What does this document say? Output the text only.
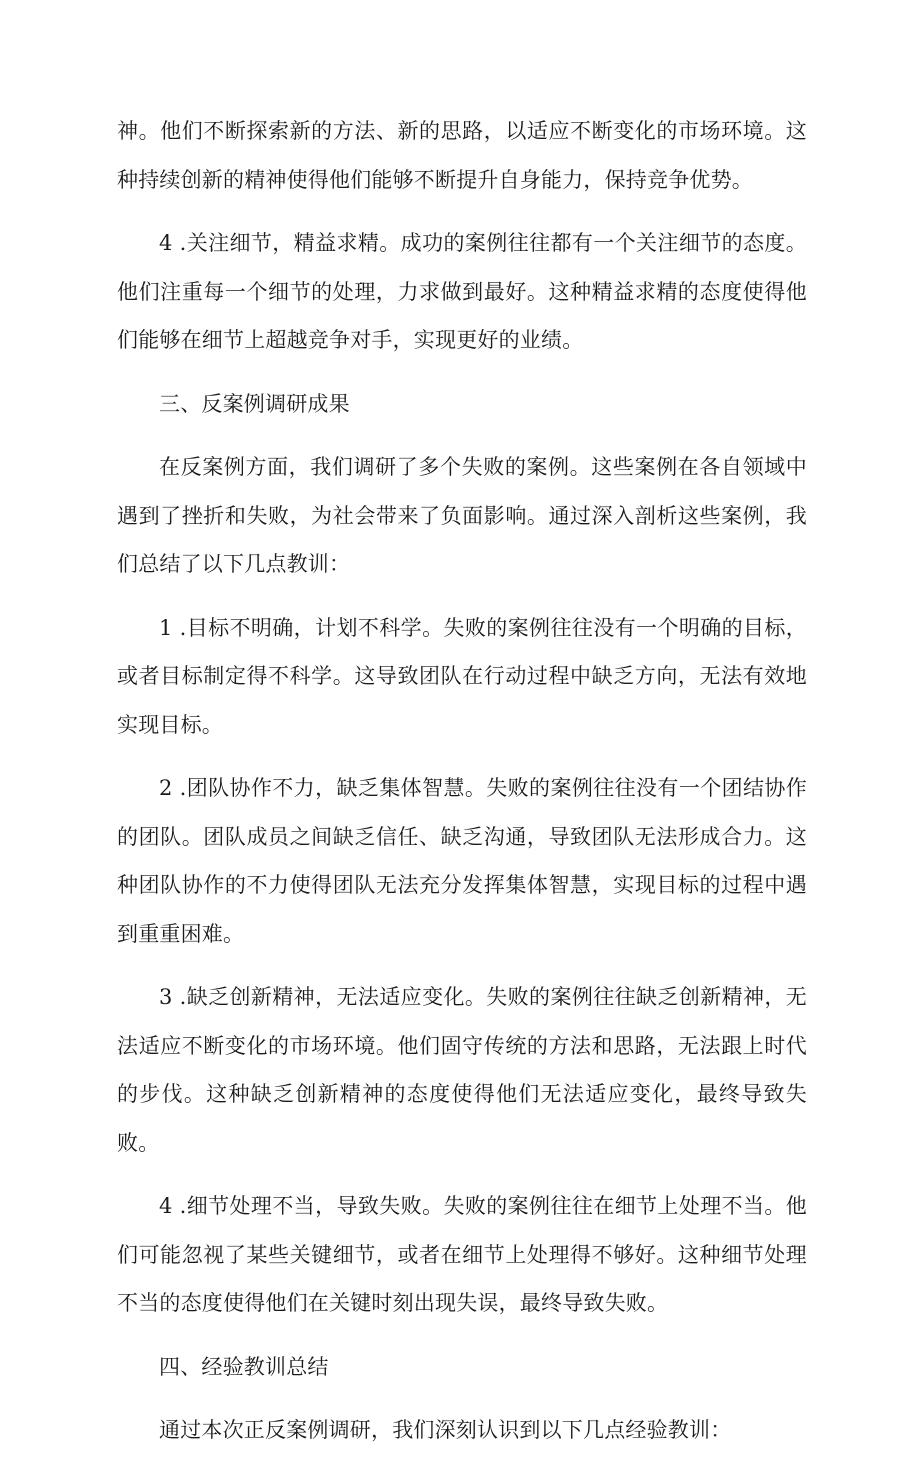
神。他们不断探索新的方法、新的思路，以适应不断变化的市场环境。这种持续创新的精神使得他们能够不断提升自身能力，保持竞争优势。

4 .关注细节，精益求精。成功的案例往往都有一个关注细节的态度。他们注重每一个细节的处理，力求做到最好。这种精益求精的态度使得他们能够在细节上超越竞争对手，实现更好的业绩。

三、反案例调研成果

在反案例方面，我们调研了多个失败的案例。这些案例在各自领域中遇到了挫折和失败，为社会带来了负面影响。通过深入剖析这些案例，我们总结了以下几点教训：

1 .目标不明确，计划不科学。失败的案例往往没有一个明确的目标，或者目标制定得不科学。这导致团队在行动过程中缺乏方向，无法有效地实现目标。

2 .团队协作不力，缺乏集体智慧。失败的案例往往没有一个团结协作的团队。团队成员之间缺乏信任、缺乏沟通，导致团队无法形成合力。这种团队协作的不力使得团队无法充分发挥集体智慧，实现目标的过程中遇到重重困难。

3 .缺乏创新精神，无法适应变化。失败的案例往往缺乏创新精神，无法适应不断变化的市场环境。他们固守传统的方法和思路，无法跟上时代的步伐。这种缺乏创新精神的态度使得他们无法适应变化，最终导致失败。

4 .细节处理不当，导致失败。失败的案例往往在细节上处理不当。他们可能忽视了某些关键细节，或者在细节上处理得不够好。这种细节处理不当的态度使得他们在关键时刻出现失误，最终导致失败。

四、经验教训总结

通过本次正反案例调研，我们深刻认识到以下几点经验教训：
